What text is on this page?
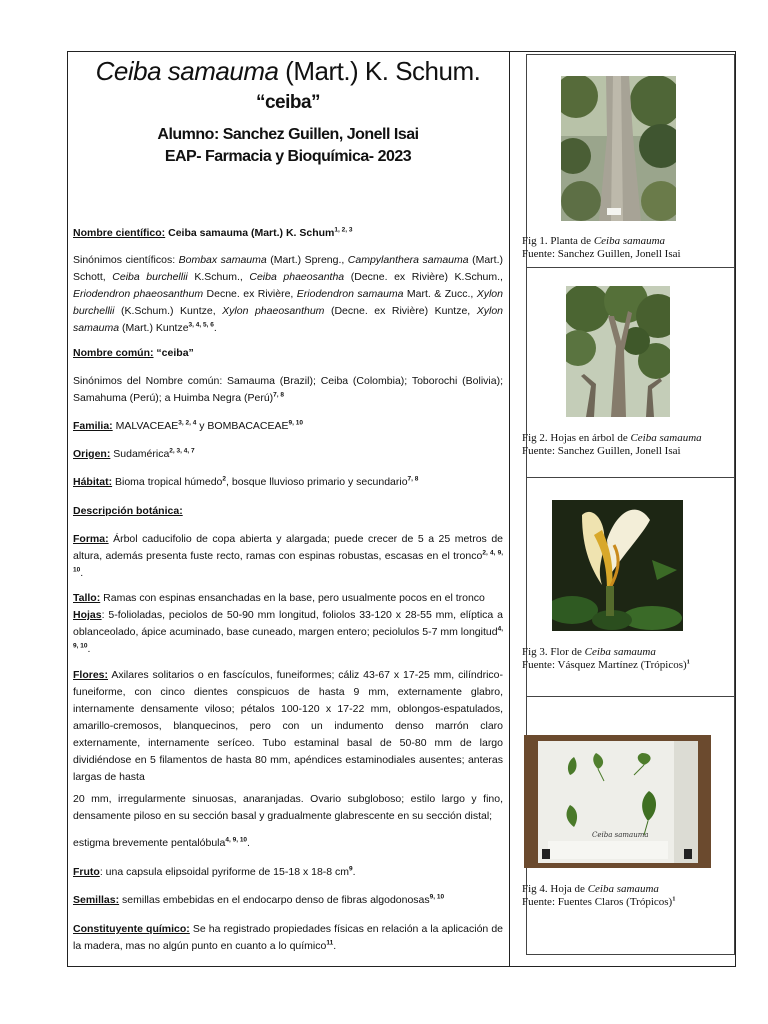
Ceiba samauma (Mart.) K. Schum.

“ceiba”

Alumno: Sanchez Guillen, Jonell Isai

EAP- Farmacia y Bioquímica- 2023

Nombre científico: Ceiba samauma (Mart.) K. Schum$^{1, 2, 3}$
Sinónimos científicos: Bombax samauma (Mart.) Spreng., Campylanthera samauma (Mart.) Schott, Ceiba burchellii K.Schum., Ceiba phaeosantha (Decne. ex Rivière) K.Schum., Eriodendron phaeosanthum Decne. ex Rivière, Eriodendron samauma Mart. & Zucc., Xylon burchellii (K.Schum.) Kuntze, Xylon phaeosanthum (Decne. ex Rivière) Kuntze, Xylon samauma (Mart.) Kuntze$^{3, 4, 5, 6}$.
Nombre común: “ceiba”
Sinónimos del Nombre común: Samauma (Brazil); Ceiba (Colombia); Toborochi (Bolivia); Samahuma (Perú); a Huimba Negra (Perú)$^{7, 8}$
Familia: MALVACEAE$^{3, 2, 4}$ y BOMBACACEAE$^{9, 10}$
Origen: Sudamérica$^{2, 3, 4, 7}$
Hábitat: Bioma tropical húmedo$^2$, bosque lluvioso primario y secundario$^{7, 8}$
Descripción botánica:
Forma: Árbol caducifolio de copa abierta y alargada; puede crecer de 5 a 25 metros de altura, además presenta fuste recto, ramas con espinas robustas, escasas en el tronco$^{2, 4, 9, 10}$.
Tallo: Ramas con espinas ensanchadas en la base, pero usualmente pocos en el tronco
Hojas: 5-folioladas, peciolos de 50-90 mm longitud, foliolos 33-120 x 28-55 mm, elíptica a oblanceolado, ápice acuminado, base cuneado, margen entero; peciolulos 5-7 mm longitud$^{4, 9, 10}$.
Flores: Axilares solitarios o en fascículos, funeiformes; cáliz 43-67 x 17-25 mm, cilíndrico-funeiforme, con cinco dientes conspicuos de hasta 9 mm, externamente glabro, internamente densamente viloso; pétalos 100-120 x 17-22 mm, oblongos-espatulados, amarillo-cremosos, blanquecinos, pero con un indumento denso marrón claro externamente, internamente seríceo. Tubo estaminal basal de 50-80 mm de largo dividiéndose en 5 filamentos de hasta 80 mm, apéndices estaminodiales ausentes; anteras largas de hasta
20 mm, irregularmente sinuosas, anaranjadas. Ovario subgloboso; estilo largo y fino, densamente piloso en su sección basal y gradualmente glabrescente en su sección distal;
estigma brevemente pentalóbula$^{4, 9, 10}$.
Fruto: una capsula elipsoidal pyriforme de 15-18 x 18-8 $cm^9$.
Semillas: semillas embebidas en el endocarpo denso de fibras algodonosas$^{9, 10}$
Constituyente químico: Se ha registrado propiedades físicas en relación a la aplicación de la madera, mas no algún punto en cuanto a lo químico$^{11}$.
Ceiba samauma
Fig 1. Planta de Ceiba samauma
Fuente: Sanchez Guillen, Jonell Isai
Fig 2. Hojas en árbol de Ceiba samauma
Fuente: Sanchez Guillen, Jonell Isai
Fig 3. Flor de Ceiba samauma
Fuente: Vásquez Martínez (Trópicos)$^1$
Fig 4. Hoja de Ceiba samauma
Fuente: Fuentes Claros (Trópicos)$^1$
